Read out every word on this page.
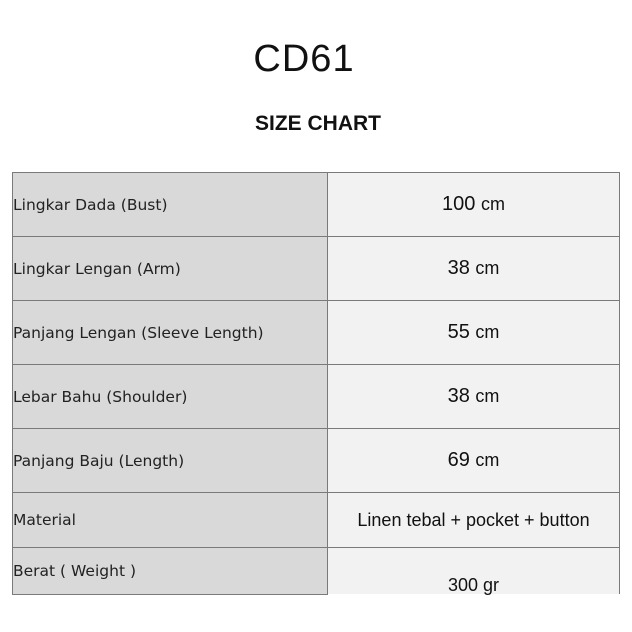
CD61
SIZE CHART
Lingkar Dada (Bust)	100 cm
Lingkar Lengan (Arm)	38 cm
Panjang Lengan (Sleeve Length)	55 cm
Lebar Bahu (Shoulder)	38 cm
Panjang Baju (Length)	69 cm
Material	Linen tebal + pocket + button
Berat ( Weight )	300 gr
